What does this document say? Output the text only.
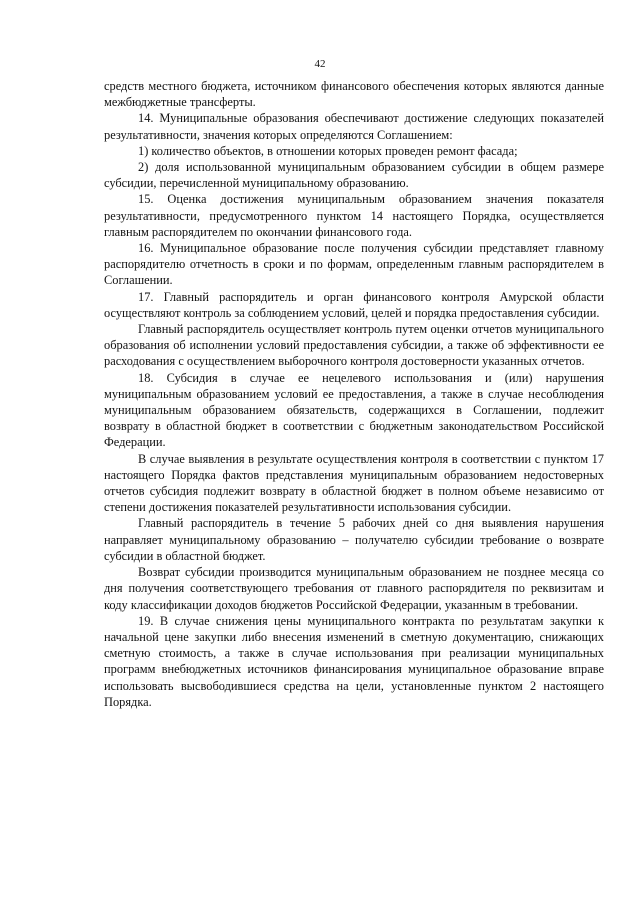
42

средств местного бюджета, источником финансового обеспечения которых являются данные межбюджетные трансферты.

14. Муниципальные образования обеспечивают достижение следующих показателей результативности, значения которых определяются Соглашением:

1) количество объектов, в отношении которых проведен ремонт фасада;

2) доля использованной муниципальным образованием субсидии в общем размере субсидии, перечисленной муниципальному образованию.

15. Оценка достижения муниципальным образованием значения показателя результативности, предусмотренного пунктом 14 настоящего Порядка, осуществляется главным распорядителем по окончании финансового года.

16. Муниципальное образование после получения субсидии представляет главному распорядителю отчетность в сроки и по формам, определенным главным распорядителем в Соглашении.

17. Главный распорядитель и орган финансового контроля Амурской области осуществляют контроль за соблюдением условий, целей и порядка предоставления субсидии.

Главный распорядитель осуществляет контроль путем оценки отчетов муниципального образования об исполнении условий предоставления субсидии, а также об эффективности ее расходования с осуществлением выборочного контроля достоверности указанных отчетов.

18. Субсидия в случае ее нецелевого использования и (или) нарушения муниципальным образованием условий ее предоставления, а также в случае несоблюдения муниципальным образованием обязательств, содержащихся в Соглашении, подлежит возврату в областной бюджет в соответствии с бюджетным законодательством Российской Федерации.

В случае выявления в результате осуществления контроля в соответствии с пунктом 17 настоящего Порядка фактов представления муниципальным образованием недостоверных отчетов субсидия подлежит возврату в областной бюджет в полном объеме независимо от степени достижения показателей результативности использования субсидии.

Главный распорядитель в течение 5 рабочих дней со дня выявления нарушения направляет муниципальному образованию – получателю субсидии требование о возврате субсидии в областной бюджет.

Возврат субсидии производится муниципальным образованием не позднее месяца со дня получения соответствующего требования от главного распорядителя по реквизитам и коду классификации доходов бюджетов Российской Федерации, указанным в требовании.

19. В случае снижения цены муниципального контракта по результатам закупки к начальной цене закупки либо внесения изменений в сметную документацию, снижающих сметную стоимость, а также в случае использования при реализации муниципальных программ внебюджетных источников финансирования муниципальное образование вправе использовать высвободившиеся средства на цели, установленные пунктом 2 настоящего Порядка.
